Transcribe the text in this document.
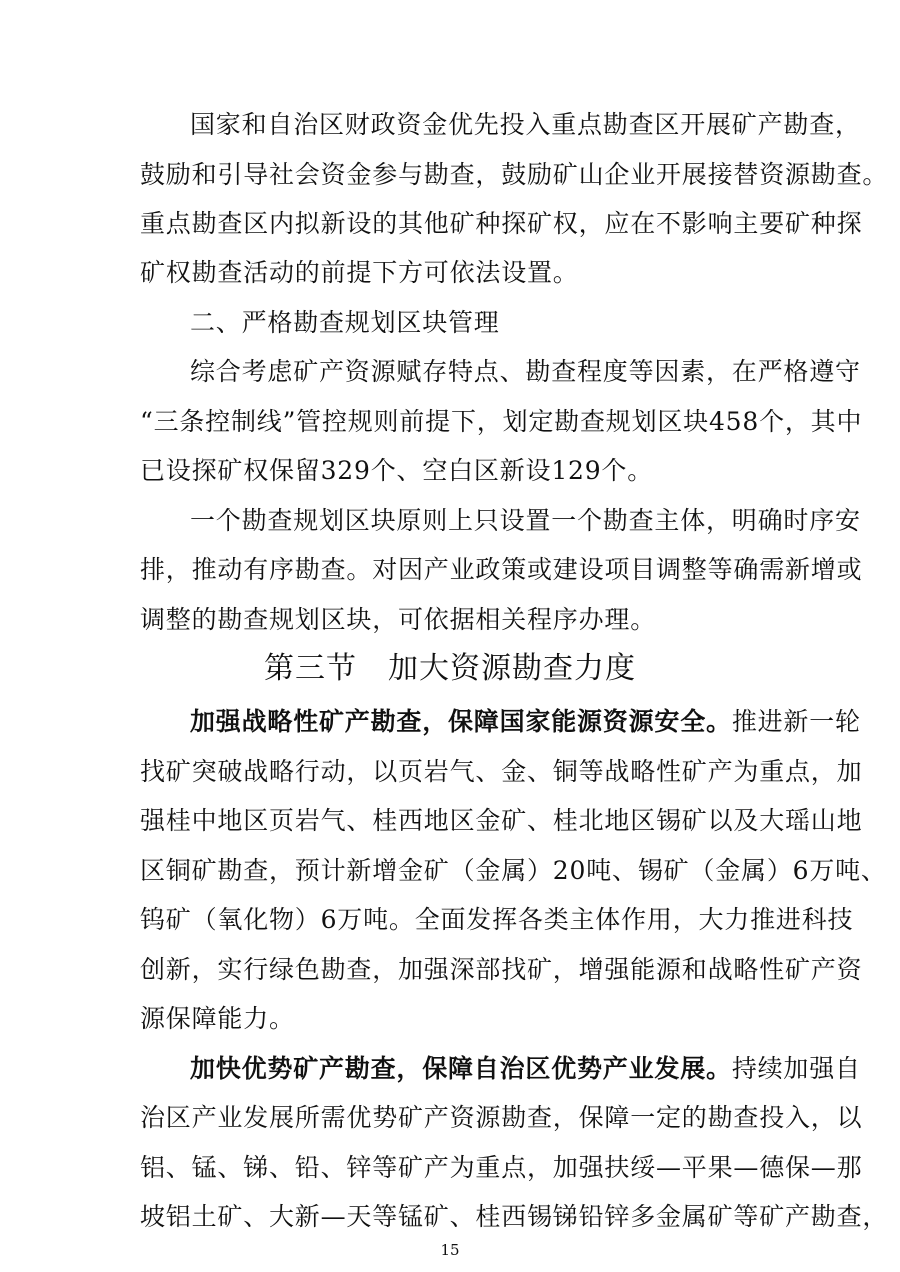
国家和自治区财政资金优先投入重点勘查区开展矿产勘查，
鼓励和引导社会资金参与勘查，鼓励矿山企业开展接替资源勘查。
重点勘查区内拟新设的其他矿种探矿权，应在不影响主要矿种探
矿权勘查活动的前提下方可依法设置。
二、严格勘查规划区块管理
综合考虑矿产资源赋存特点、勘查程度等因素，在严格遵守
“三条控制线”管控规则前提下，划定勘查规划区块458个，其中
已设探矿权保留329个、空白区新设129个。
一个勘查规划区块原则上只设置一个勘查主体，明确时序安
排，推动有序勘查。对因产业政策或建设项目调整等确需新增或
调整的勘查规划区块，可依据相关程序办理。
第三节　加大资源勘查力度
加强战略性矿产勘查，保障国家能源资源安全。推进新一轮
找矿突破战略行动，以页岩气、金、铜等战略性矿产为重点，加
强桂中地区页岩气、桂西地区金矿、桂北地区锡矿以及大瑶山地
区铜矿勘查，预计新增金矿（金属）20吨、锡矿（金属）6万吨、
钨矿（氧化物）6万吨。全面发挥各类主体作用，大力推进科技
创新，实行绿色勘查，加强深部找矿，增强能源和战略性矿产资
源保障能力。
加快优势矿产勘查，保障自治区优势产业发展。持续加强自
治区产业发展所需优势矿产资源勘查，保障一定的勘查投入，以
铝、锰、锑、铅、锌等矿产为重点，加强扶绥—平果—德保—那
坡铝土矿、大新—天等锰矿、桂西锡锑铅锌多金属矿等矿产勘查，
15
